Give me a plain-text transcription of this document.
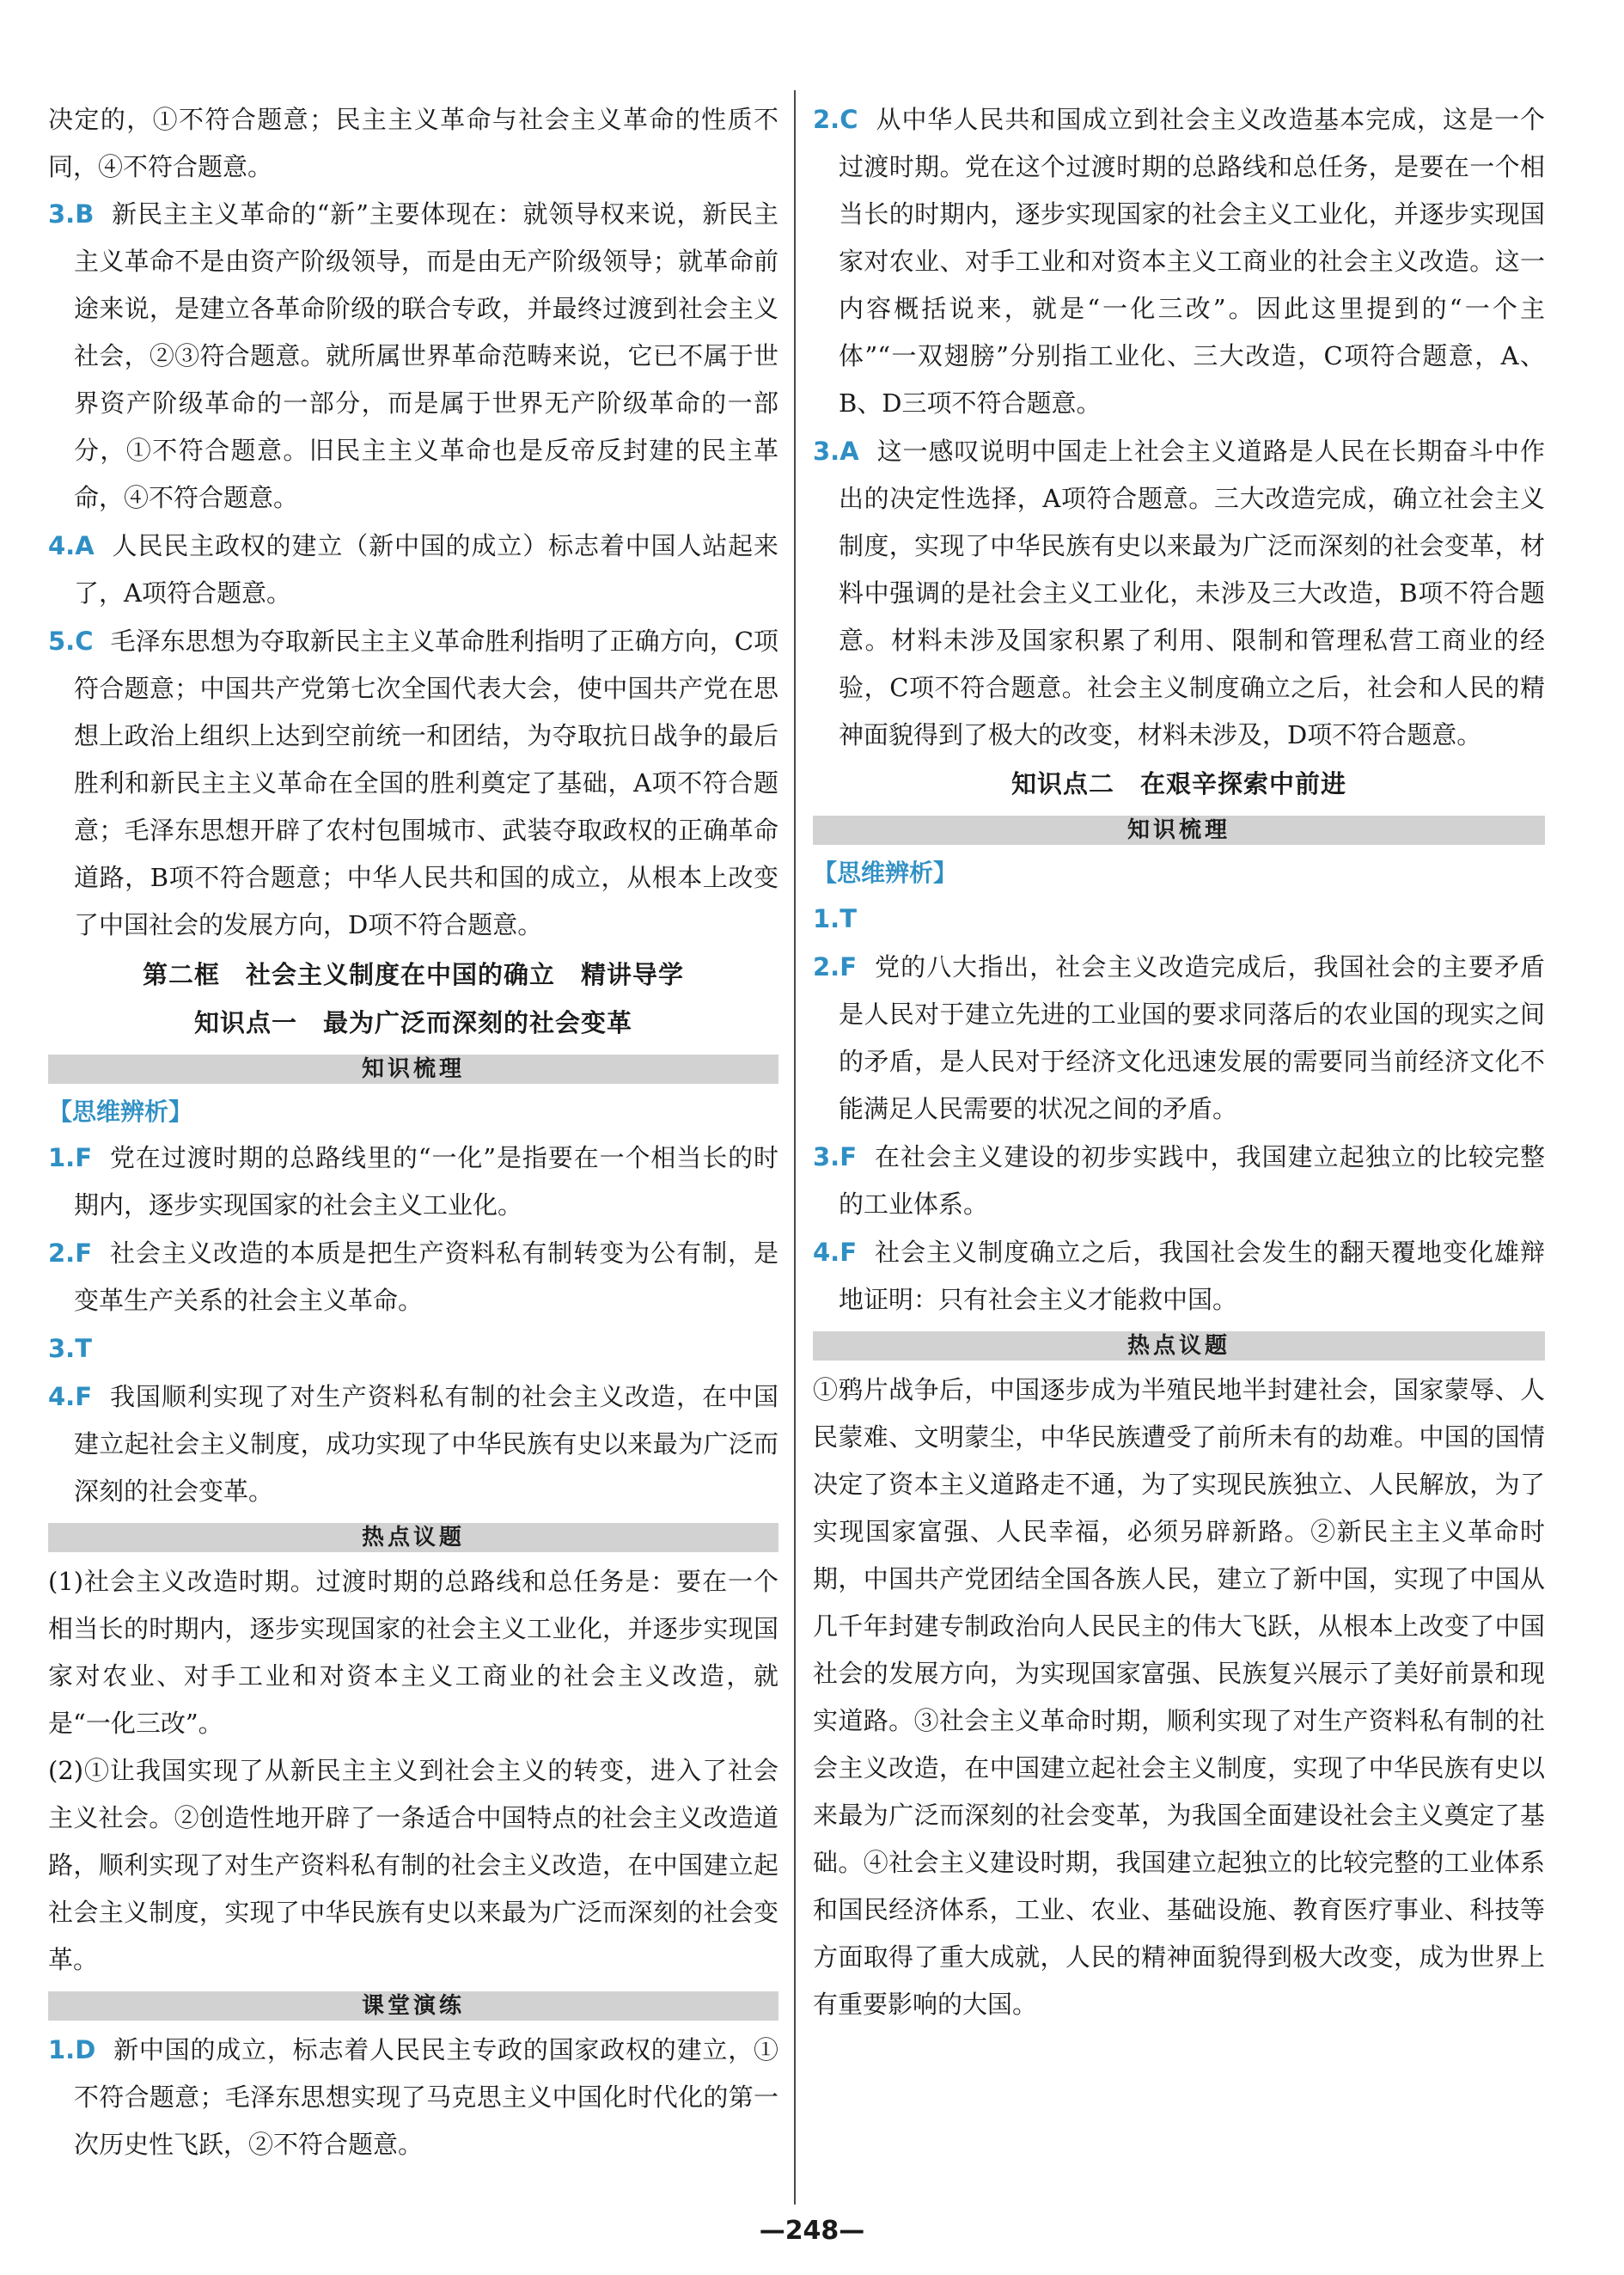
决定的，①不符合题意；民主主义革命与社会主义革命的性质不同，④不符合题意。

3.B 新民主主义革命的“新”主要体现在：就领导权来说，新民主主义革命不是由资产阶级领导，而是由无产阶级领导；就革命前途来说，是建立各革命阶级的联合专政，并最终过渡到社会主义社会，②③符合题意。就所属世界革命范畴来说，它已不属于世界资产阶级革命的一部分，而是属于世界无产阶级革命的一部分，①不符合题意。旧民主主义革命也是反帝反封建的民主革命，④不符合题意。

4.A 人民民主政权的建立（新中国的成立）标志着中国人站起来了，A项符合题意。

5.C 毛泽东思想为夺取新民主主义革命胜利指明了正确方向，C项符合题意；中国共产党第七次全国代表大会，使中国共产党在思想上政治上组织上达到空前统一和团结，为夺取抗日战争的最后胜利和新民主主义革命在全国的胜利奠定了基础，A项不符合题意；毛泽东思想开辟了农村包围城市、武装夺取政权的正确革命道路，B项不符合题意；中华人民共和国的成立，从根本上改变了中国社会的发展方向，D项不符合题意。

第二框　社会主义制度在中国的确立　精讲导学

知识点一　最为广泛而深刻的社会变革

知识梳理

【思维辨析】

1.F 党在过渡时期的总路线里的“一化”是指要在一个相当长的时期内，逐步实现国家的社会主义工业化。

2.F 社会主义改造的本质是把生产资料私有制转变为公有制，是变革生产关系的社会主义革命。

3.T

4.F 我国顺利实现了对生产资料私有制的社会主义改造，在中国建立起社会主义制度，成功实现了中华民族有史以来最为广泛而深刻的社会变革。

热点议题

(1)社会主义改造时期。过渡时期的总路线和总任务是：要在一个相当长的时期内，逐步实现国家的社会主义工业化，并逐步实现国家对农业、对手工业和对资本主义工商业的社会主义改造，就是“一化三改”。

(2)①让我国实现了从新民主主义到社会主义的转变，进入了社会主义社会。②创造性地开辟了一条适合中国特点的社会主义改造道路，顺利实现了对生产资料私有制的社会主义改造，在中国建立起社会主义制度，实现了中华民族有史以来最为广泛而深刻的社会变革。

课堂演练

1.D 新中国的成立，标志着人民民主专政的国家政权的建立，①不符合题意；毛泽东思想实现了马克思主义中国化时代化的第一次历史性飞跃，②不符合题意。

2.C 从中华人民共和国成立到社会主义改造基本完成，这是一个过渡时期。党在这个过渡时期的总路线和总任务，是要在一个相当长的时期内，逐步实现国家的社会主义工业化，并逐步实现国家对农业、对手工业和对资本主义工商业的社会主义改造。这一内容概括说来，就是“一化三改”。因此这里提到的“一个主体”“一双翅膀”分别指工业化、三大改造，C项符合题意，A、B、D三项不符合题意。

3.A 这一感叹说明中国走上社会主义道路是人民在长期奋斗中作出的决定性选择，A项符合题意。三大改造完成，确立社会主义制度，实现了中华民族有史以来最为广泛而深刻的社会变革，材料中强调的是社会主义工业化，未涉及三大改造，B项不符合题意。材料未涉及国家积累了利用、限制和管理私营工商业的经验，C项不符合题意。社会主义制度确立之后，社会和人民的精神面貌得到了极大的改变，材料未涉及，D项不符合题意。

知识点二　在艰辛探索中前进

知识梳理

【思维辨析】

1.T

2.F 党的八大指出，社会主义改造完成后，我国社会的主要矛盾是人民对于建立先进的工业国的要求同落后的农业国的现实之间的矛盾，是人民对于经济文化迅速发展的需要同当前经济文化不能满足人民需要的状况之间的矛盾。

3.F 在社会主义建设的初步实践中，我国建立起独立的比较完整的工业体系。

4.F 社会主义制度确立之后，我国社会发生的翻天覆地变化雄辩地证明：只有社会主义才能救中国。

热点议题

①鸦片战争后，中国逐步成为半殖民地半封建社会，国家蒙辱、人民蒙难、文明蒙尘，中华民族遭受了前所未有的劫难。中国的国情决定了资本主义道路走不通，为了实现民族独立、人民解放，为了实现国家富强、人民幸福，必须另辟新路。②新民主主义革命时期，中国共产党团结全国各族人民，建立了新中国，实现了中国从几千年封建专制政治向人民民主的伟大飞跃，从根本上改变了中国社会的发展方向，为实现国家富强、民族复兴展示了美好前景和现实道路。③社会主义革命时期，顺利实现了对生产资料私有制的社会主义改造，在中国建立起社会主义制度，实现了中华民族有史以来最为广泛而深刻的社会变革，为我国全面建设社会主义奠定了基础。④社会主义建设时期，我国建立起独立的比较完整的工业体系和国民经济体系，工业、农业、基础设施、教育医疗事业、科技等方面取得了重大成就，人民的精神面貌得到极大改变，成为世界上有重要影响的大国。

—248—
